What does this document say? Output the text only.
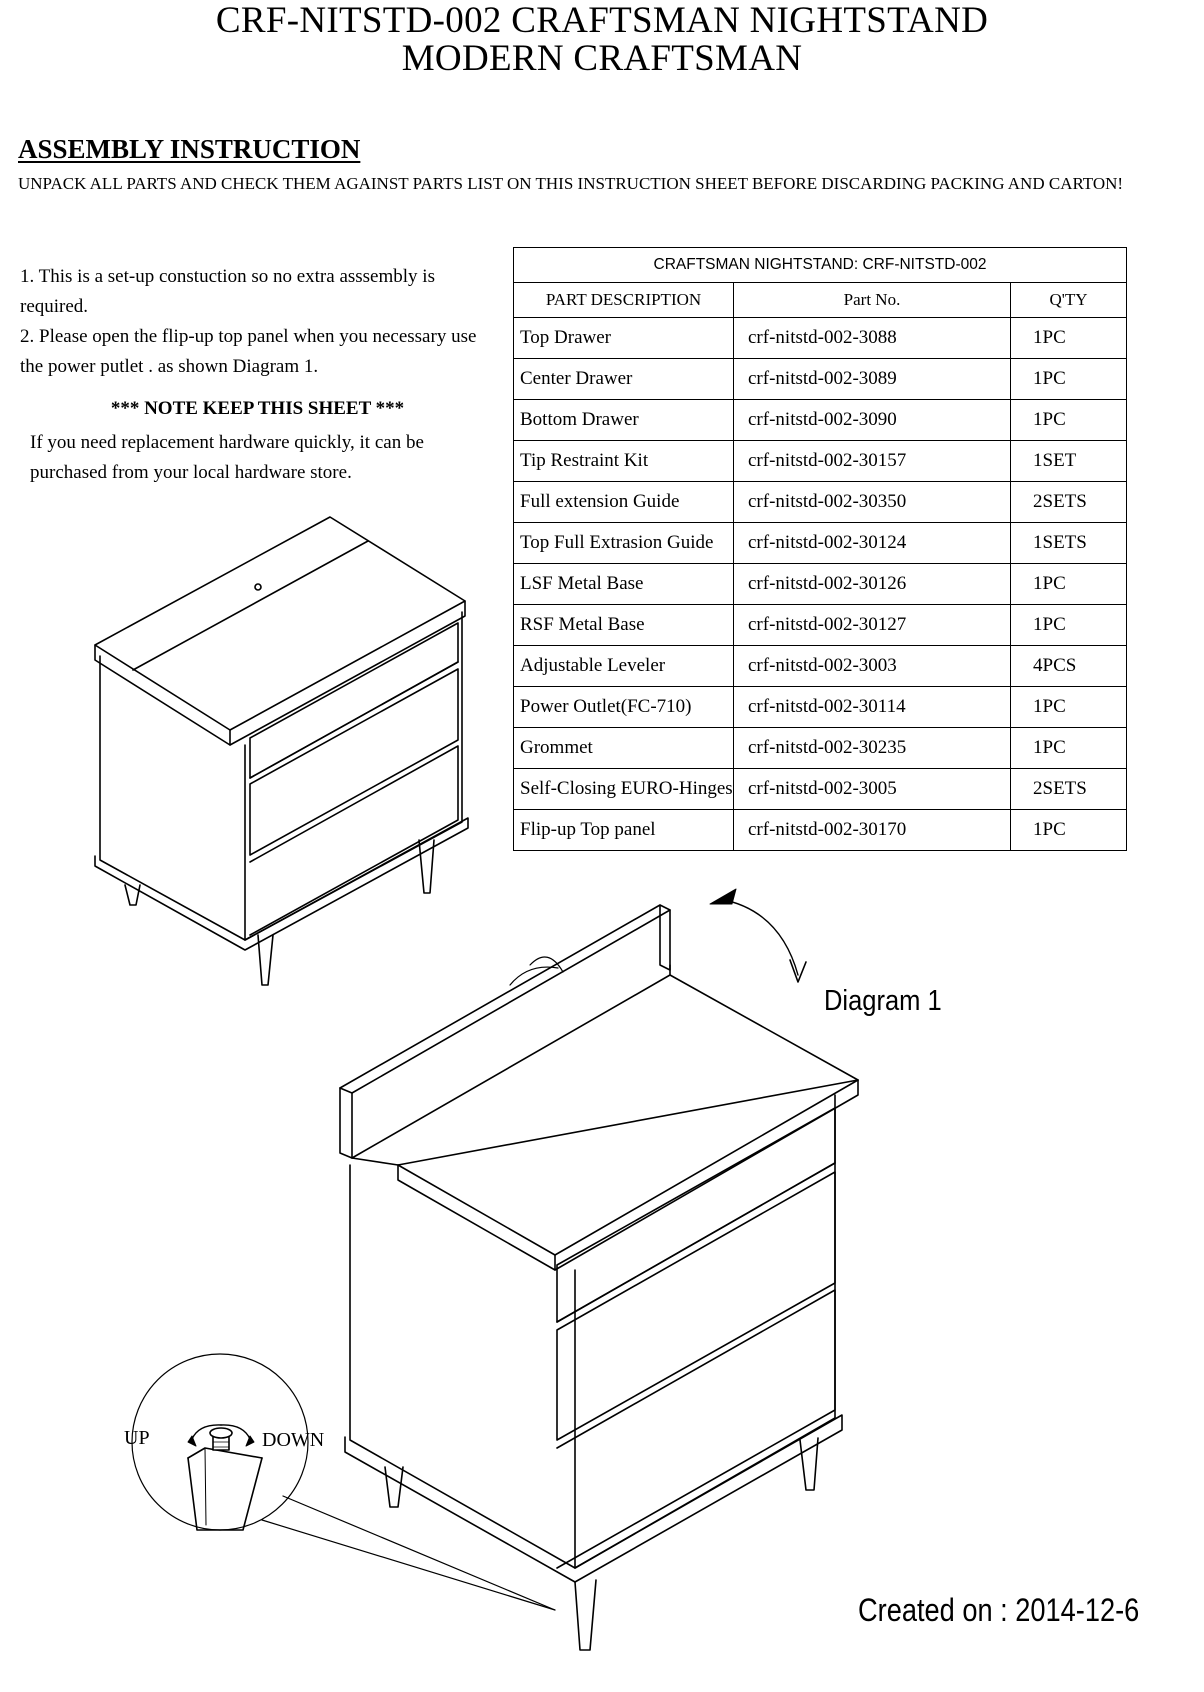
CRF-NITSTD-002 CRAFTSMAN NIGHTSTAND
MODERN CRAFTSMAN
ASSEMBLY INSTRUCTION
UNPACK ALL PARTS AND CHECK THEM AGAINST PARTS LIST ON THIS INSTRUCTION SHEET BEFORE DISCARDING PACKING AND CARTON!

1. This is a set-up constuction so no extra asssembly is required.

2. Please open the flip-up top panel when you necessary use the power putlet . as shown Diagram 1.

*** NOTE KEEP THIS SHEET ***
If you need replacement hardware quickly, it can be purchased from your local hardware store.
CRAFTSMAN NIGHTSTAND: CRF-NITSTD-002		
PART DESCRIPTION	Part No.	Q'TY
Top Drawer	crf-nitstd-002-3088	1PC
Center Drawer	crf-nitstd-002-3089	1PC
Bottom Drawer	crf-nitstd-002-3090	1PC
Tip Restraint Kit	crf-nitstd-002-30157	1SET
Full extension Guide	crf-nitstd-002-30350	2SETS
Top Full Extrasion Guide	crf-nitstd-002-30124	1SETS
LSF Metal Base	crf-nitstd-002-30126	1PC
RSF Metal Base	crf-nitstd-002-30127	1PC
Adjustable Leveler	crf-nitstd-002-3003	4PCS
Power Outlet(FC-710)	crf-nitstd-002-30114	1PC
Grommet	crf-nitstd-002-30235	1PC
Self-Closing EURO-Hinges	crf-nitstd-002-3005	2SETS
Flip-up Top panel	crf-nitstd-002-30170	1PC
UP	DOWN
Diagram 1
Created on : 2014-12-6
